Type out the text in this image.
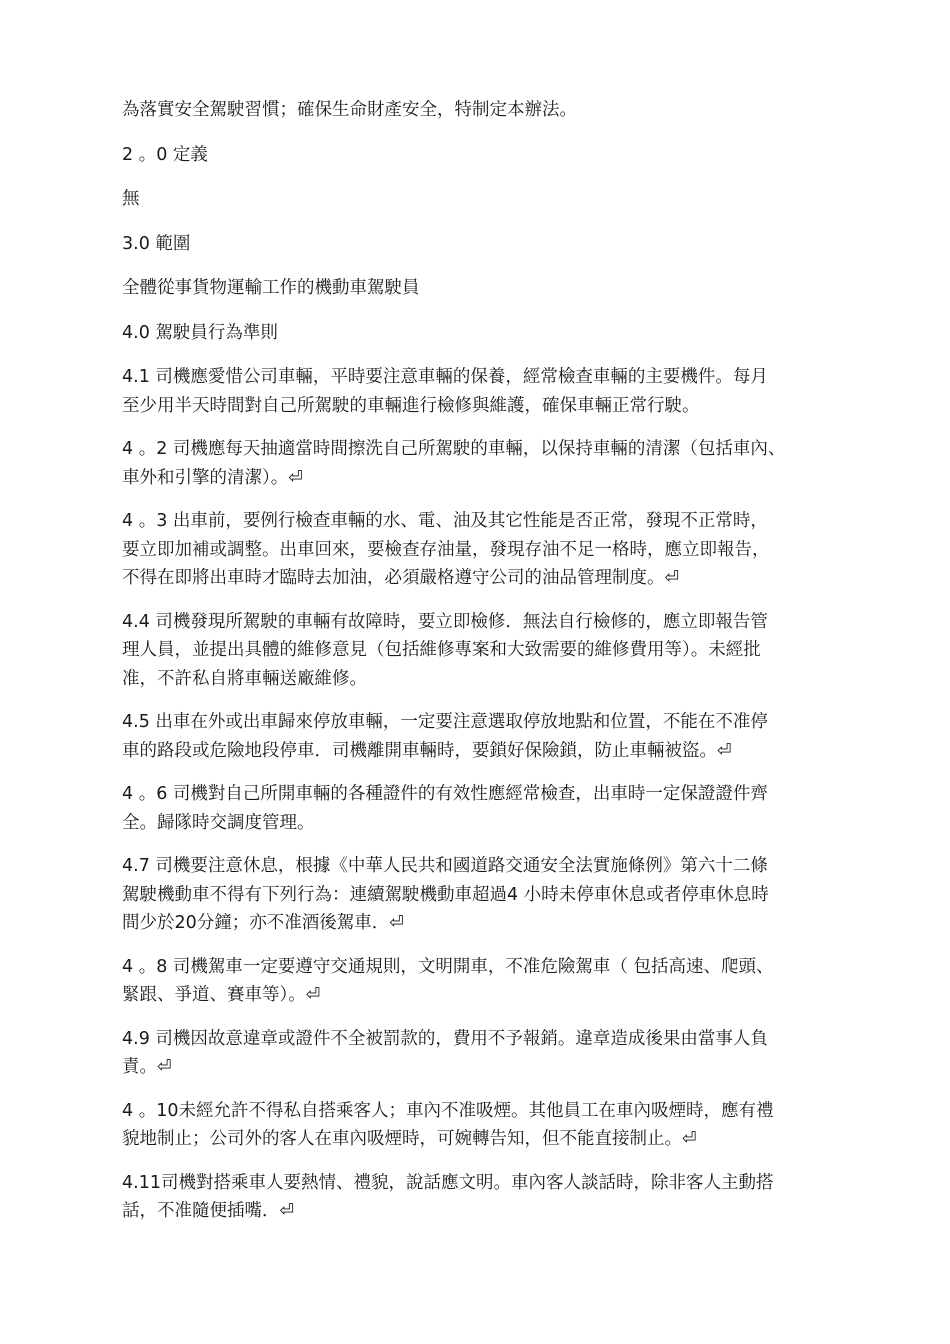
為落實安全駕駛習慣；確保生命財產安全，特制定本辦法。

2 。0 定義

無

3.0 範圍

全體從事貨物運輸工作的機動車駕駛員

4.0 駕駛員行為準則

4.1 司機應愛惜公司車輛，平時要注意車輛的保養，經常檢查車輛的主要機件。每月
至少用半天時間對自己所駕駛的車輛進行檢修與維護，確保車輛正常行駛。

4 。2 司機應每天抽適當時間擦洗自己所駕駛的車輛，以保持車輛的清潔（包括車內、
車外和引擎的清潔）。⏎

4 。3 出車前，要例行檢查車輛的水、電、油及其它性能是否正常，發現不正常時，
要立即加補或調整。出車回來，要檢查存油量，發現存油不足一格時，應立即報告，
不得在即將出車時才臨時去加油，必須嚴格遵守公司的油品管理制度。⏎

4.4 司機發現所駕駛的車輛有故障時，要立即檢修．無法自行檢修的，應立即報告管
理人員，並提出具體的維修意見（包括維修專案和大致需要的維修費用等）。未經批
准，不許私自將車輛送廠維修。

4.5 出車在外或出車歸來停放車輛，一定要注意選取停放地點和位置，不能在不准停
車的路段或危險地段停車．司機離開車輛時，要鎖好保險鎖，防止車輛被盜。⏎

4 。6 司機對自己所開車輛的各種證件的有效性應經常檢查，出車時一定保證證件齊
全。歸隊時交調度管理。

4.7 司機要注意休息，根據《中華人民共和國道路交通安全法實施條例》第六十二條
駕駛機動車不得有下列行為：連續駕駛機動車超過4 小時未停車休息或者停車休息時
間少於20分鐘；亦不准酒後駕車．⏎

4 。8 司機駕車一定要遵守交通規則，文明開車，不准危險駕車（ 包括高速、爬頭、
緊跟、爭道、賽車等）。⏎

4.9 司機因故意違章或證件不全被罰款的，費用不予報銷。違章造成後果由當事人負
責。⏎

4 。10未經允許不得私自搭乘客人；車內不准吸煙。其他員工在車內吸煙時，應有禮
貌地制止；公司外的客人在車內吸煙時，可婉轉告知，但不能直接制止。⏎

4.11司機對搭乘車人要熱情、禮貌，說話應文明。車內客人談話時，除非客人主動搭
話，不准隨便插嘴．⏎
